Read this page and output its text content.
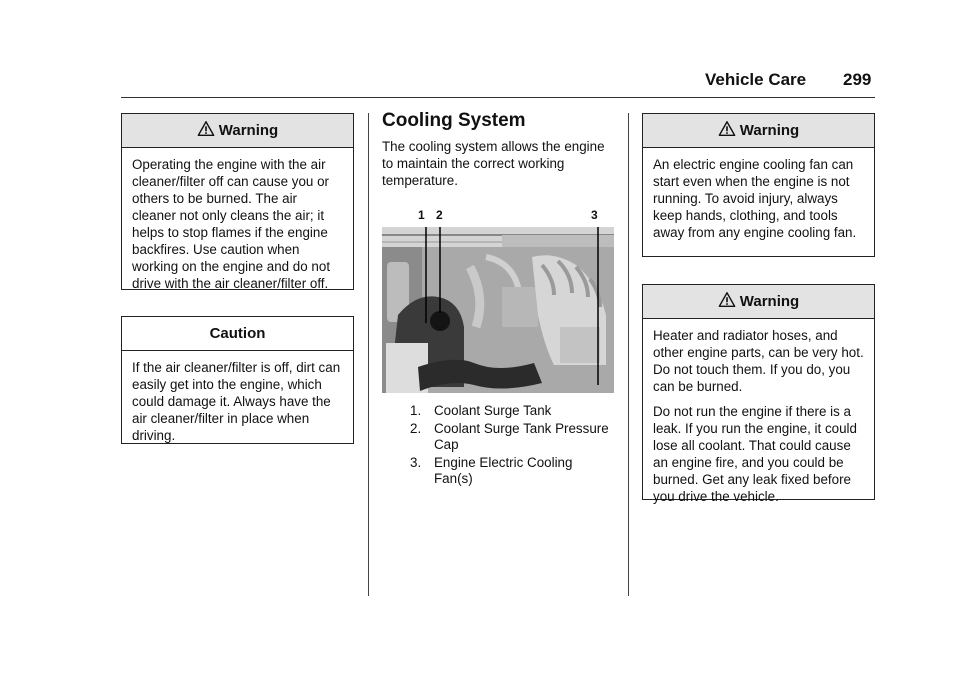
Vehicle Care 299
Warning

Operating the engine with the air cleaner/filter off can cause you or others to be burned. The air cleaner not only cleans the air; it helps to stop flames if the engine backfires. Use caution when working on the engine and do not drive with the air cleaner/filter off.

Caution

If the air cleaner/filter is off, dirt can easily get into the engine, which could damage it. Always have the air cleaner/filter in place when driving.

Cooling System
The cooling system allows the engine to maintain the correct working temperature.
1 2	3
1. Coolant Surge Tank
2. Coolant Surge Tank Pressure Cap
3. Engine Electric Cooling Fan(s)
Warning

An electric engine cooling fan can start even when the engine is not running. To avoid injury, always keep hands, clothing, and tools away from any engine cooling fan.

Warning

Heater and radiator hoses, and other engine parts, can be very hot. Do not touch them. If you do, you can be burned.

Do not run the engine if there is a leak. If you run the engine, it could lose all coolant. That could cause an engine fire, and you could be burned. Get any leak fixed before you drive the vehicle.
